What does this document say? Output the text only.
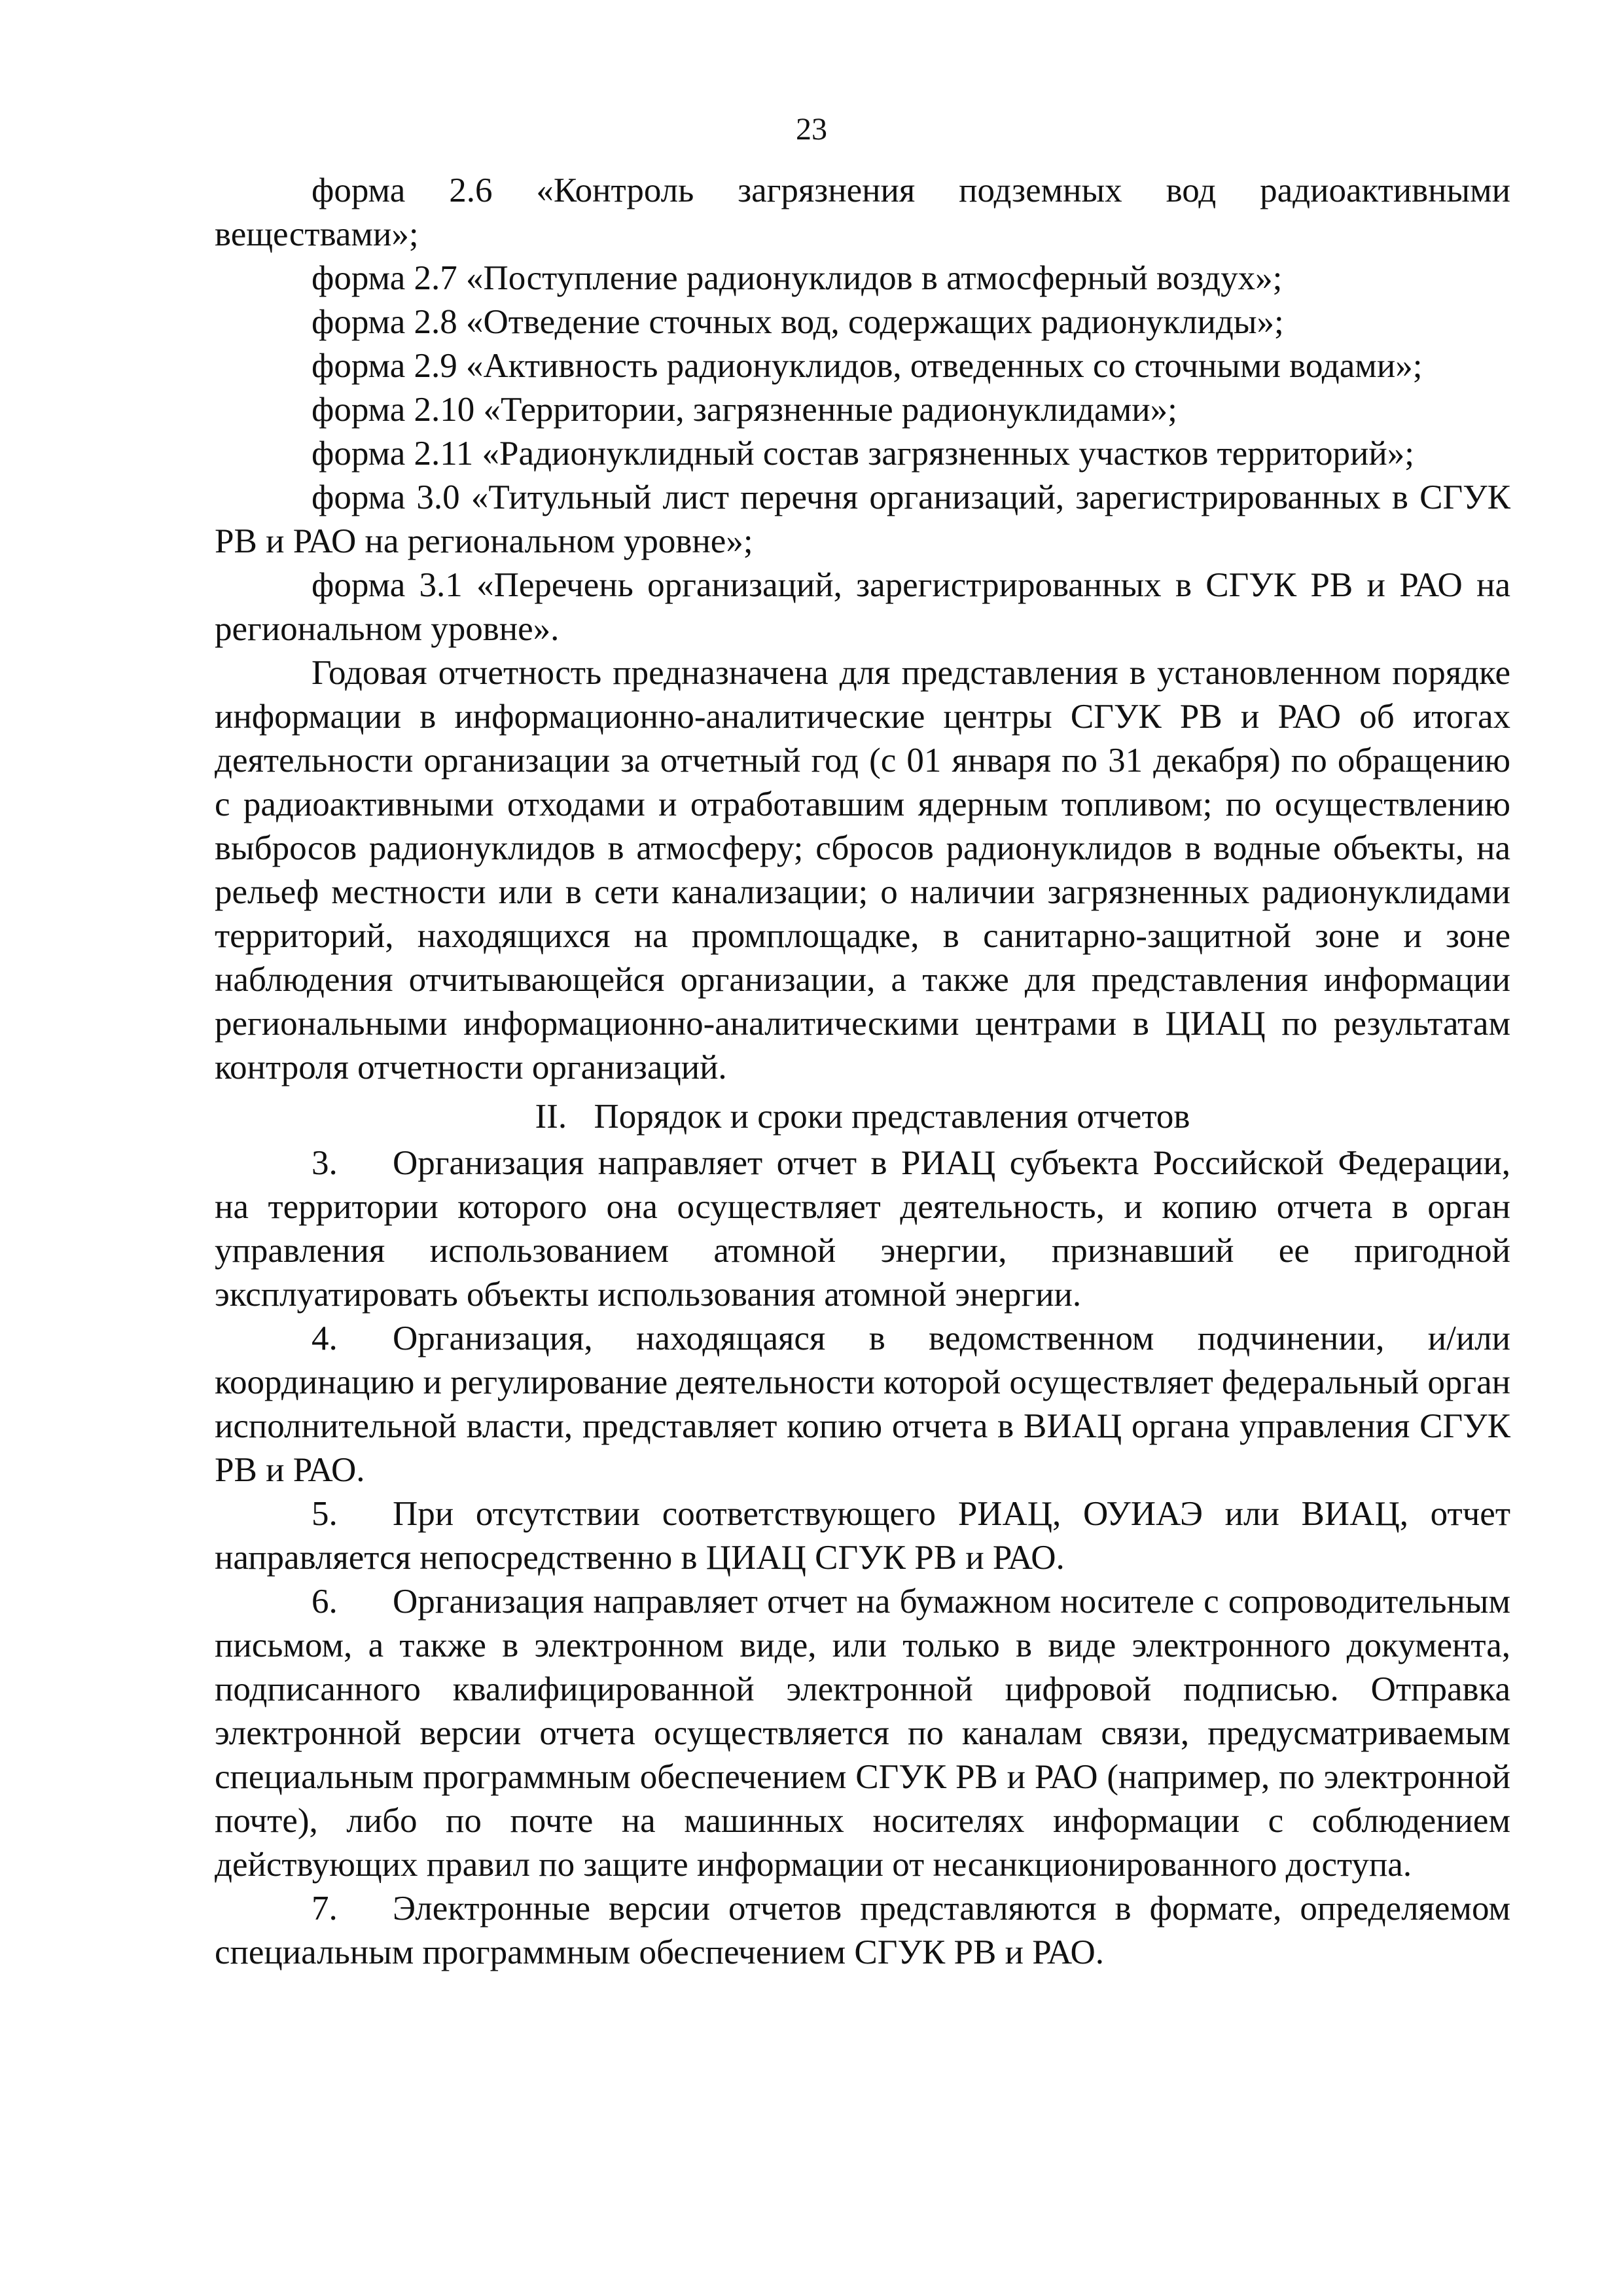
23

форма 2.6 «Контроль загрязнения подземных вод радиоактивными веществами»;

форма 2.7 «Поступление радионуклидов в атмосферный воздух»;

форма 2.8 «Отведение сточных вод, содержащих радионуклиды»;

форма 2.9 «Активность радионуклидов, отведенных со сточными водами»;

форма 2.10 «Территории, загрязненные радионуклидами»;

форма 2.11 «Радионуклидный состав загрязненных участков территорий»;

форма 3.0 «Титульный лист перечня организаций, зарегистрированных в СГУК РВ и РАО на региональном уровне»;

форма 3.1 «Перечень организаций, зарегистрированных в СГУК РВ и РАО на региональном уровне».

Годовая отчетность предназначена для представления в установленном порядке информации в информационно-аналитические центры СГУК РВ и РАО об итогах деятельности организации за отчетный год (с 01 января по 31 декабря) по обращению с радиоактивными отходами и отработавшим ядерным топливом; по осуществлению выбросов радионуклидов в атмосферу; сбросов радионуклидов в водные объекты, на рельеф местности или в сети канализации; о наличии загрязненных радионуклидами территорий, находящихся на промплощадке, в санитарно-защитной зоне и зоне наблюдения отчитывающейся организации, а также для представления информации региональными информационно-аналитическими центрами в ЦИАЦ по результатам контроля отчетности организаций.

II. Порядок и сроки представления отчетов

3. Организация направляет отчет в РИАЦ субъекта Российской Федерации, на территории которого она осуществляет деятельность, и копию отчета в орган управления использованием атомной энергии, признавший ее пригодной эксплуатировать объекты использования атомной энергии.

4. Организация, находящаяся в ведомственном подчинении, и/или координацию и регулирование деятельности которой осуществляет федеральный орган исполнительной власти, представляет копию отчета в ВИАЦ органа управления СГУК РВ и РАО.

5. При отсутствии соответствующего РИАЦ, ОУИАЭ или ВИАЦ, отчет направляется непосредственно в ЦИАЦ СГУК РВ и РАО.

6. Организация направляет отчет на бумажном носителе с сопроводительным письмом, а также в электронном виде, или только в виде электронного документа, подписанного квалифицированной электронной цифровой подписью. Отправка электронной версии отчета осуществляется по каналам связи, предусматриваемым специальным программным обеспечением СГУК РВ и РАО (например, по электронной почте), либо по почте на машинных носителях информации с соблюдением действующих правил по защите информации от несанкционированного доступа.

7. Электронные версии отчетов представляются в формате, определяемом специальным программным обеспечением СГУК РВ и РАО.
